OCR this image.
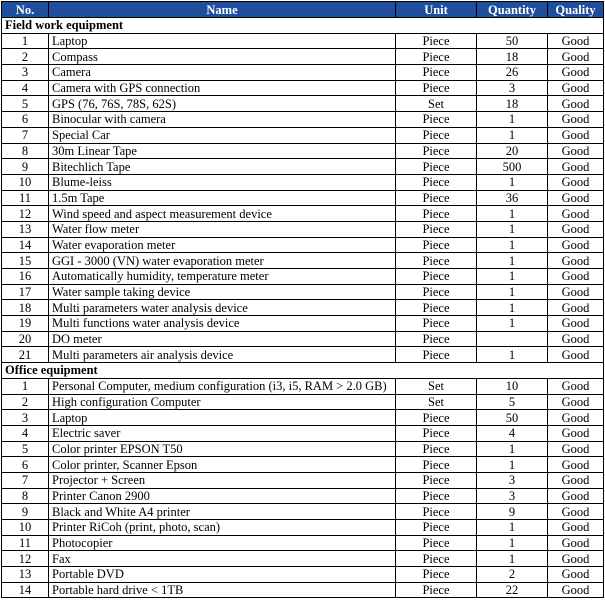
No.	Name	Unit	Quantity	Quality
Field work equipment				
1	Laptop	Piece	50	Good
2	Compass	Piece	18	Good
3	Camera	Piece	26	Good
4	Camera with GPS connection	Piece	3	Good
5	GPS (76, 76S, 78S, 62S)	Set	18	Good
6	Binocular with camera	Piece	1	Good
7	Special Car	Piece	1	Good
8	30m Linear Tape	Piece	20	Good
9	Bitechlich Tape	Piece	500	Good
10	Blume-leiss	Piece	1	Good
11	1.5m Tape	Piece	36	Good
12	Wind speed and aspect measurement device	Piece	1	Good
13	Water flow meter	Piece	1	Good
14	Water evaporation meter	Piece	1	Good
15	GGI - 3000 (VN) water evaporation meter	Piece	1	Good
16	Automatically humidity, temperature meter	Piece	1	Good
17	Water sample taking device	Piece	1	Good
18	Multi parameters water analysis device	Piece	1	Good
19	Multi functions water analysis device	Piece	1	Good
20	DO meter	Piece		Good
21	Multi parameters air analysis device	Piece	1	Good
Office equipment				
1	Personal Computer, medium configuration (i3, i5, RAM > 2.0 GB)	Set	10	Good
2	High configuration Computer	Set	5	Good
3	Laptop	Piece	50	Good
4	Electric saver	Piece	4	Good
5	Color printer EPSON T50	Piece	1	Good
6	Color printer, Scanner Epson	Piece	1	Good
7	Projector + Screen	Piece	3	Good
8	Printer Canon 2900	Piece	3	Good
9	Black and White A4 printer	Piece	9	Good
10	Printer RiCoh (print, photo, scan)	Piece	1	Good
11	Photocopier	Piece	1	Good
12	Fax	Piece	1	Good
13	Portable DVD	Piece	2	Good
14	Portable hard drive < 1TB	Piece	22	Good
